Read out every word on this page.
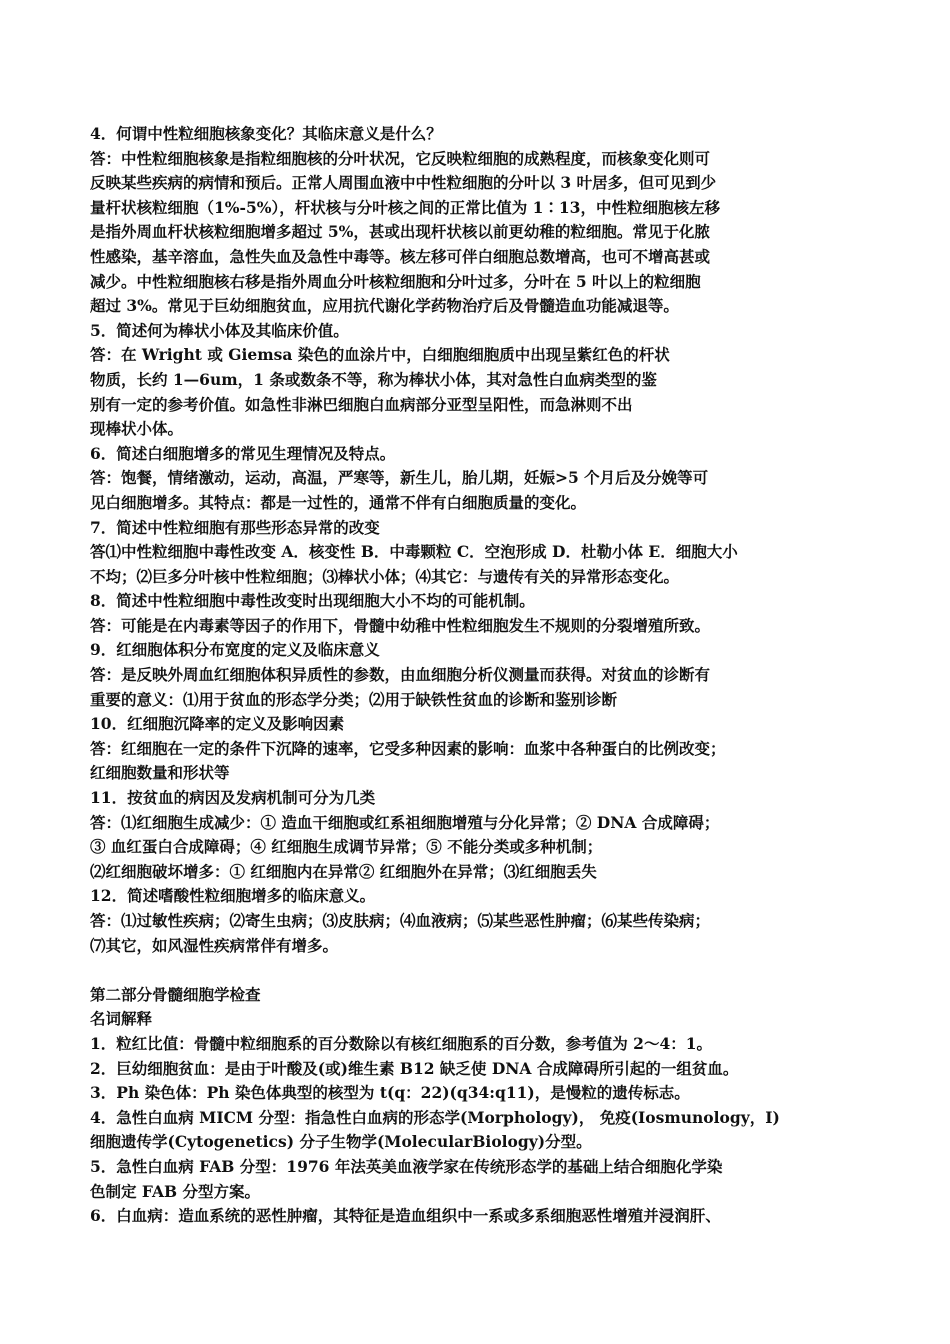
4．何谓中性粒细胞核象变化？其临床意义是什么？
答：中性粒细胞核象是指粒细胞核的分叶状况，它反映粒细胞的成熟程度，而核象变化则可
反映某些疾病的病情和预后。正常人周围血液中中性粒细胞的分叶以 3 叶居多，但可见到少
量杆状核粒细胞（1%-5%），杆状核与分叶核之间的正常比值为 1∶13，中性粒细胞核左移
是指外周血杆状核粒细胞增多超过 5%，甚或出现杆状核以前更幼稚的粒细胞。常见于化脓
性感染，基辛溶血，急性失血及急性中毒等。核左移可伴白细胞总数增高，也可不增高甚或
减少。中性粒细胞核右移是指外周血分叶核粒细胞和分叶过多，分叶在 5 叶以上的粒细胞
超过 3%。常见于巨幼细胞贫血，应用抗代谢化学药物治疗后及骨髓造血功能减退等。
5．简述何为棒状小体及其临床价值。
答：在 Wright 或 Giemsa 染色的血涂片中，白细胞细胞质中出现呈紫红色的杆状
物质，长约 1—6um，1 条或数条不等，称为棒状小体，其对急性白血病类型的鉴
别有一定的参考价值。如急性非淋巴细胞白血病部分亚型呈阳性，而急淋则不出
现棒状小体。
6．简述白细胞增多的常见生理情况及特点。
答：饱餐，情绪激动，运动，高温，严寒等，新生儿，胎儿期，妊娠>5 个月后及分娩等可
见白细胞增多。其特点：都是一过性的，通常不伴有白细胞质量的变化。
7．简述中性粒细胞有那些形态异常的改变
答⑴中性粒细胞中毒性改变 A．核变性 B．中毒颗粒 C．空泡形成 D．杜勒小体 E．细胞大小
不均；⑵巨多分叶核中性粒细胞；⑶棒状小体；⑷其它：与遗传有关的异常形态变化。
8．简述中性粒细胞中毒性改变时出现细胞大小不均的可能机制。
答：可能是在内毒素等因子的作用下，骨髓中幼稚中性粒细胞发生不规则的分裂增殖所致。
9．红细胞体积分布宽度的定义及临床意义
答：是反映外周血红细胞体积异质性的参数，由血细胞分析仪测量而获得。对贫血的诊断有
重要的意义：⑴用于贫血的形态学分类；⑵用于缺铁性贫血的诊断和鉴别诊断
10．红细胞沉降率的定义及影响因素
答：红细胞在一定的条件下沉降的速率，它受多种因素的影响：血浆中各种蛋白的比例改变；
红细胞数量和形状等
11．按贫血的病因及发病机制可分为几类
答：⑴红细胞生成减少：① 造血干细胞或红系祖细胞增殖与分化异常；② DNA 合成障碍；
③ 血红蛋白合成障碍；④ 红细胞生成调节异常；⑤ 不能分类或多种机制；
⑵红细胞破坏增多：① 红细胞内在异常② 红细胞外在异常；⑶红细胞丢失
12．简述嗜酸性粒细胞增多的临床意义。
答：⑴过敏性疾病；⑵寄生虫病；⑶皮肤病；⑷血液病；⑸某些恶性肿瘤；⑹某些传染病；
⑺其它，如风湿性疾病常伴有增多。
第二部分骨髓细胞学检查
名词解释
1．粒红比值：骨髓中粒细胞系的百分数除以有核红细胞系的百分数，参考值为 2～4：1。
2．巨幼细胞贫血：是由于叶酸及(或)维生素 B12 缺乏使 DNA 合成障碍所引起的一组贫血。
3．Ph 染色体：Ph 染色体典型的核型为 t(q：22)(q34:q11)，是慢粒的遗传标志。
4．急性白血病 MICM 分型：指急性白血病的形态学(Morphology)， 免疫(Iosmunology，I)
细胞遗传学(Cytogenetics) 分子生物学(MolecularBiology)分型。
5．急性白血病 FAB 分型：1976 年法英美血液学家在传统形态学的基础上结合细胞化学染
色制定 FAB 分型方案。
6．白血病：造血系统的恶性肿瘤，其特征是造血组织中一系或多系细胞恶性增殖并浸润肝、
